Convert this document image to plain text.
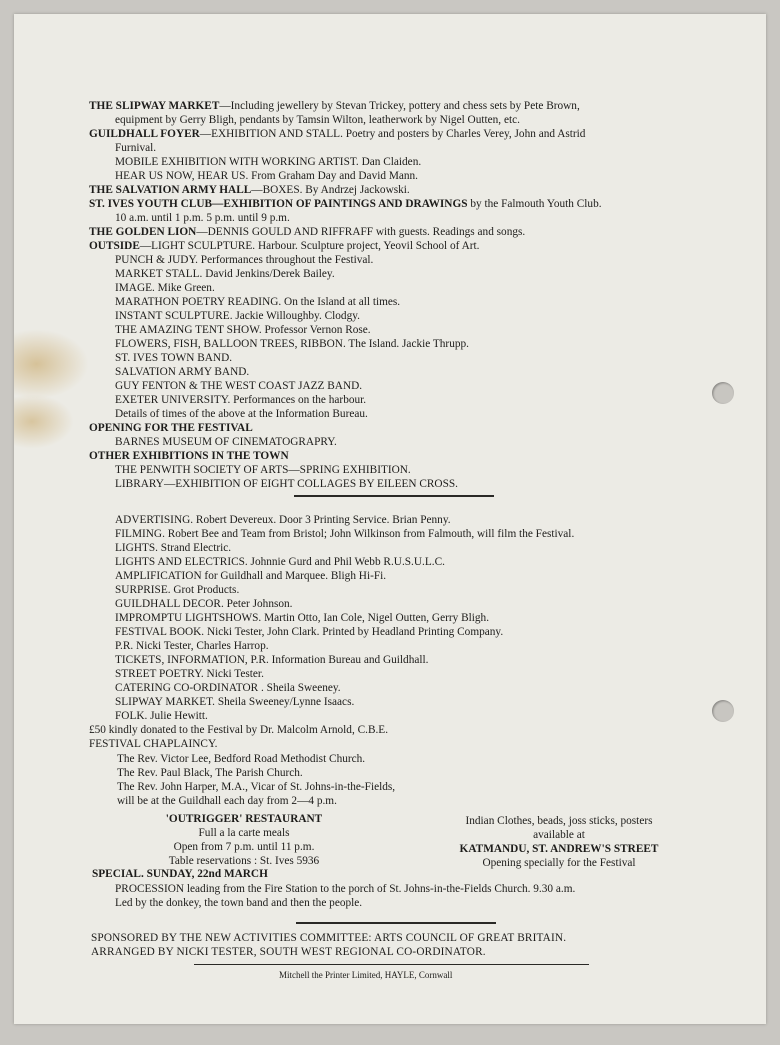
THE SLIPWAY MARKET—Including jewellery by Stevan Trickey, pottery and chess sets by Pete Brown,
equipment by Gerry Bligh, pendants by Tamsin Wilton, leatherwork by Nigel Outten, etc.
GUILDHALL FOYER—EXHIBITION AND STALL. Poetry and posters by Charles Verey, John and Astrid
Furnival.
MOBILE EXHIBITION WITH WORKING ARTIST. Dan Claiden.
HEAR US NOW, HEAR US. From Graham Day and David Mann.
THE SALVATION ARMY HALL—BOXES. By Andrzej Jackowski.
ST. IVES YOUTH CLUB—EXHIBITION OF PAINTINGS AND DRAWINGS by the Falmouth Youth Club.
10 a.m. until 1 p.m. 5 p.m. until 9 p.m.
THE GOLDEN LION—DENNIS GOULD AND RIFFRAFF with guests. Readings and songs.
OUTSIDE—LIGHT SCULPTURE. Harbour. Sculpture project, Yeovil School of Art.
PUNCH & JUDY. Performances throughout the Festival.
MARKET STALL. David Jenkins/Derek Bailey.
IMAGE. Mike Green.
MARATHON POETRY READING. On the Island at all times.
INSTANT SCULPTURE. Jackie Willoughby. Clodgy.
THE AMAZING TENT SHOW. Professor Vernon Rose.
FLOWERS, FISH, BALLOON TREES, RIBBON. The Island. Jackie Thrupp.
ST. IVES TOWN BAND.
SALVATION ARMY BAND.
GUY FENTON & THE WEST COAST JAZZ BAND.
EXETER UNIVERSITY. Performances on the harbour.
Details of times of the above at the Information Bureau.
OPENING FOR THE FESTIVAL
BARNES MUSEUM OF CINEMATOGRAPRY.
OTHER EXHIBITIONS IN THE TOWN
THE PENWITH SOCIETY OF ARTS—SPRING EXHIBITION.
LIBRARY—EXHIBITION OF EIGHT COLLAGES BY EILEEN CROSS.
ADVERTISING. Robert Devereux. Door 3 Printing Service. Brian Penny.
FILMING. Robert Bee and Team from Bristol; John Wilkinson from Falmouth, will film the Festival.
LIGHTS. Strand Electric.
LIGHTS AND ELECTRICS. Johnnie Gurd and Phil Webb R.U.S.U.L.C.
AMPLIFICATION for Guildhall and Marquee. Bligh Hi-Fi.
SURPRISE. Grot Products.
GUILDHALL DECOR. Peter Johnson.
IMPROMPTU LIGHTSHOWS. Martin Otto, Ian Cole, Nigel Outten, Gerry Bligh.
FESTIVAL BOOK. Nicki Tester, John Clark. Printed by Headland Printing Company.
P.R. Nicki Tester, Charles Harrop.
TICKETS, INFORMATION, P.R. Information Bureau and Guildhall.
STREET POETRY. Nicki Tester.
CATERING CO-ORDINATOR . Sheila Sweeney.
SLIPWAY MARKET. Sheila Sweeney/Lynne Isaacs.
FOLK. Julie Hewitt.
£50 kindly donated to the Festival by Dr. Malcolm Arnold, C.B.E.
FESTIVAL CHAPLAINCY.
The Rev. Victor Lee, Bedford Road Methodist Church.
The Rev. Paul Black, The Parish Church.
The Rev. John Harper, M.A., Vicar of St. Johns-in-the-Fields,
will be at the Guildhall each day from 2—4 p.m.
'OUTRIGGER' RESTAURANT
Full a la carte meals
Open from 7 p.m. until 11 p.m.
Table reservations : St. Ives 5936
Indian Clothes, beads, joss sticks, posters
available at
KATMANDU, ST. ANDREW'S STREET
Opening specially for the Festival
SPECIAL. SUNDAY, 22nd MARCH
PROCESSION leading from the Fire Station to the porch of St. Johns-in-the-Fields Church. 9.30 a.m.
Led by the donkey, the town band and then the people.
SPONSORED BY THE NEW ACTIVITIES COMMITTEE: ARTS COUNCIL OF GREAT BRITAIN.
ARRANGED BY NICKI TESTER, SOUTH WEST REGIONAL CO-ORDINATOR.
Mitchell the Printer Limited, HAYLE, Cornwall
